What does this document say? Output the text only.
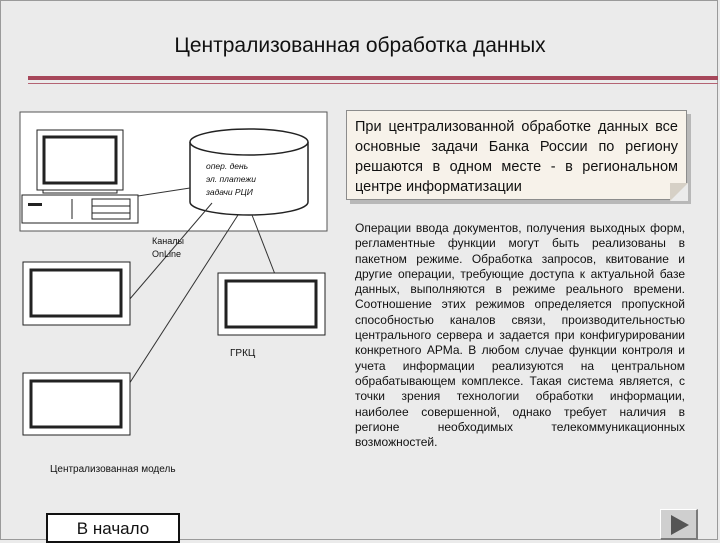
Централизованная обработка данных
опер. день
эл. платежи
задачи РЦИ
Каналы
OnLine
ГРКЦ
Централизованная модель
При централизованной обработке данных все основные задачи Банка России по региону решаются в одном месте - в региональном центре информатизации
Операции ввода документов, получения выходных форм, регламентные функции могут быть реализованы в пакетном режиме. Обработка запросов, квитование и другие операции, требующие доступа к актуальной базе данных, выполняются в режиме реального времени. Соотношение этих режимов определяется пропускной способностью каналов связи, производительностью центрального сервера и задается при конфигурировании конкретного АРМа. В любом случае функции контроля и учета информации реализуются на центральном обрабатывающем комплексе. Такая система является, с точки зрения технологии обработки информации, наиболее совершенной, однако требует наличия в регионе необходимых телекоммуникационных возможностей.
В начало
